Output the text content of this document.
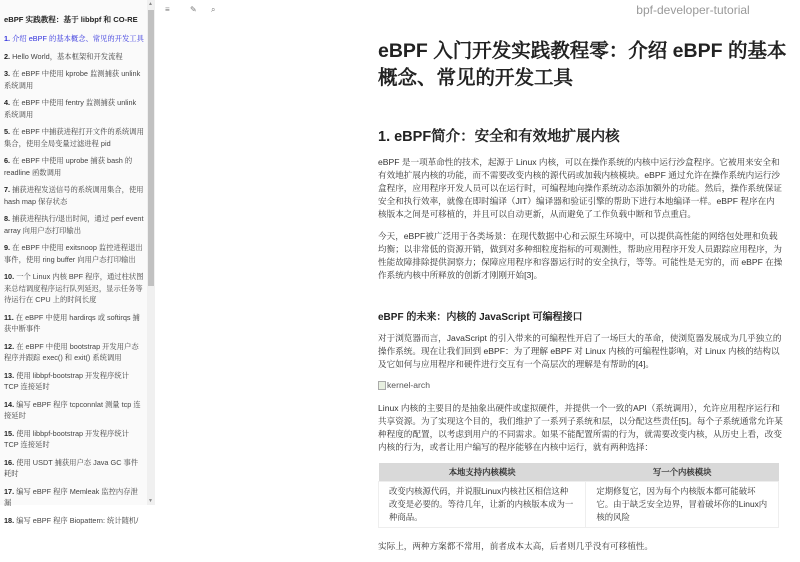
eBPF 实践教程：基于 libbpf 和 CO-RE
1. 介绍 eBPF 的基本概念、常见的开发工具
2. Hello World，基本框架和开发流程
3. 在 eBPF 中使用 kprobe 监测捕获 unlink 系统调用
4. 在 eBPF 中使用 fentry 监测捕获 unlink 系统调用
5. 在 eBPF 中捕获进程打开文件的系统调用集合，使用全局变量过滤进程 pid
6. 在 eBPF 中使用 uprobe 捕获 bash 的 readline 函数调用
7. 捕获进程发送信号的系统调用集合，使用 hash map 保存状态
8. 捕获进程执行/退出时间，通过 perf event array 向用户态打印输出
9. 在 eBPF 中使用 exitsnoop 监控进程退出事件，使用 ring buffer 向用户态打印输出
10. 一个 Linux 内核 BPF 程序，通过柱状图来总结调度程序运行队列延迟，显示任务等待运行在 CPU 上的时间长度
11. 在 eBPF 中使用 hardirqs 或 softirqs 捕获中断事件
12. 在 eBPF 中使用 bootstrap 开发用户态程序并跟踪 exec() 和 exit() 系统调用
13. 使用 libbpf-bootstrap 开发程序统计 TCP 连接延时
14. 编写 eBPF 程序 tcpconnlat 测量 tcp 连接延时
15. 使用 libbpf-bootstrap 开发程序统计 TCP 连接延时
16. 使用 USDT 捕获用户态 Java GC 事件耗时
17. 编写 eBPF 程序 Memleak 监控内存泄漏
18. 编写 eBPF 程序 Biopattern: 统计随机/
▲
▼
≡	✎ ⌕	bpf-developer-tutorial
eBPF 入门开发实践教程零：介绍 eBPF 的基本概念、常见的开发工具
1. eBPF简介：安全和有效地扩展内核

eBPF 是一项革命性的技术，起源于 Linux 内核，可以在操作系统的内核中运行沙盒程序。它被用来安全和有效地扩展内核的功能，而不需要改变内核的源代码或加载内核模块。eBPF 通过允许在操作系统内运行沙盒程序，应用程序开发人员可以在运行时，可编程地向操作系统动态添加额外的功能。然后，操作系统保证安全和执行效率，就像在即时编译（JIT）编译器和验证引擎的帮助下进行本地编译一样。eBPF 程序在内核版本之间是可移植的，并且可以自动更新，从而避免了工作负载中断和节点重启。

今天，eBPF被广泛用于各类场景：在现代数据中心和云原生环境中，可以提供高性能的网络包处理和负载均衡；以非常低的资源开销，做到对多种细粒度指标的可观测性，帮助应用程序开发人员跟踪应用程序，为性能故障排除提供洞察力；保障应用程序和容器运行时的安全执行，等等。可能性是无穷的，而 eBPF 在操作系统内核中所释放的创新才刚刚开始[3]。

eBPF 的未来：内核的 JavaScript 可编程接口

对于浏览器而言，JavaScript 的引入带来的可编程性开启了一场巨大的革命，使浏览器发展成为几乎独立的操作系统。现在让我们回到 eBPF：为了理解 eBPF 对 Linux 内核的可编程性影响，对 Linux 内核的结构以及它如何与应用程序和硬件进行交互有一个高层次的理解是有帮助的[4]。

kernel-arch

Linux 内核的主要目的是抽象出硬件或虚拟硬件，并提供一个一致的API（系统调用），允许应用程序运行和共享资源。为了实现这个目的，我们维护了一系列子系统和层，以分配这些责任[5]。每个子系统通常允许某种程度的配置，以考虑到用户的不同需求。如果不能配置所需的行为，就需要改变内核，从历史上看，改变内核的行为，或者让用户编写的程序能够在内核中运行，就有两种选择：

本地支持内核模块	写一个内核模块
改变内核源代码，并说服Linux内核社区相信这种改变是必要的。等待几年，让新的内核版本成为一种商品。	定期修复它，因为每个内核版本都可能破坏它。由于缺乏安全边界，冒着破坏你的Linux内核的风险

实际上，两种方案都不常用，前者成本太高，后者则几乎没有可移植性。
